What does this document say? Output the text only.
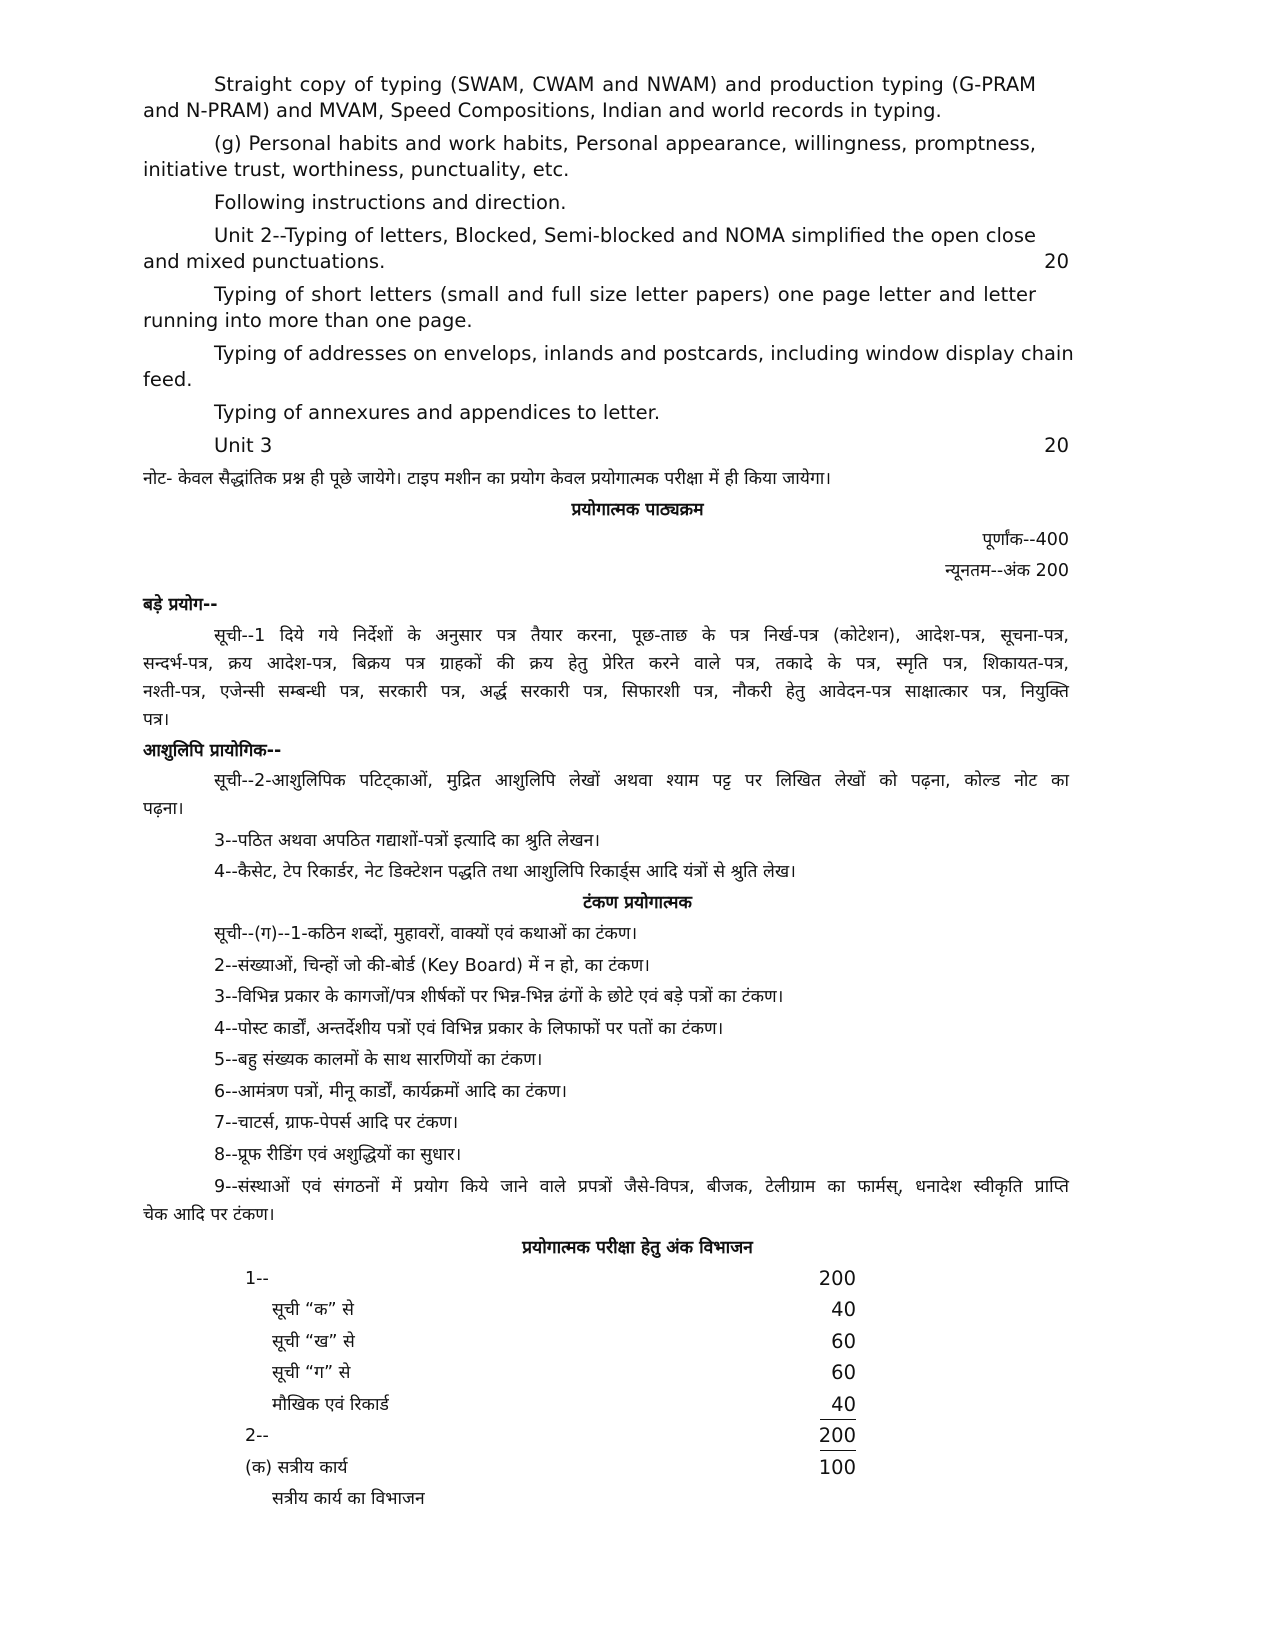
Straight copy of typing (SWAM, CWAM and NWAM) and production typing (G-PRAM

and N-PRAM) and MVAM, Speed Compositions, Indian and world records in typing.

(g) Personal habits and work habits, Personal appearance, willingness, promptness,

initiative trust, worthiness, punctuality, etc.

Following instructions and direction.

Unit 2--Typing of letters, Blocked, Semi-blocked and NOMA simplified the open close

and mixed punctuations.	20

Typing of short letters (small and full size letter papers) one page letter and letter

running into more than one page.

Typing of addresses on envelops, inlands and postcards, including window display chain

feed.

Typing of annexures and appendices to letter.

Unit 3	20

नोट- केवल सैद्धांतिक प्रश्न ही पूछे जायेगे। टाइप मशीन का प्रयोग केवल प्रयोगात्मक परीक्षा में ही किया जायेगा।

प्रयोगात्मक पाठ्यक्रम

पूर्णांक--400

न्यूनतम--अंक 200

बड़े प्रयोग--

सूची--1 दिये गये निर्देशों के अनुसार पत्र तैयार करना, पूछ-ताछ के पत्र निर्ख-पत्र (कोटेशन), आदेश-पत्र, सूचना-पत्र,

सन्दर्भ-पत्र, क्रय आदेश-पत्र, बिक्रय पत्र ग्राहकों की क्रय हेतु प्रेरित करने वाले पत्र, तकादे के पत्र, स्मृति पत्र, शिकायत-पत्र,

नश्ती-पत्र, एजेन्सी सम्बन्धी पत्र, सरकारी पत्र, अर्द्ध सरकारी पत्र, सिफारशी पत्र, नौकरी हेतु आवेदन-पत्र साक्षात्कार पत्र, नियुक्ति

पत्र।

आशुलिपि प्रायोगिक--

सूची--2-आशुलिपिक पटिट्काओं, मुद्रित आशुलिपि लेखों अथवा श्याम पट्ट पर लिखित लेखों को पढ़ना, कोल्ड नोट का

पढ़ना।

3--पठित अथवा अपठित गद्याशों-पत्रों इत्यादि का श्रुति लेखन।

4--कैसेट, टेप रिकार्डर, नेट डिक्टेशन पद्धति तथा आशुलिपि रिकार्ड्स आदि यंत्रों से श्रुति लेख।

टंकण प्रयोगात्मक

सूची--(ग)--1-कठिन शब्दों, मुहावरों, वाक्यों एवं कथाओं का टंकण।

2--संख्याओं, चिन्हों जो की-बोर्ड (Key Board) में न हो, का टंकण।

3--विभिन्न प्रकार के कागजों/पत्र शीर्षकों पर भिन्न-भिन्न ढंगों के छोटे एवं बड़े पत्रों का टंकण।

4--पोस्ट कार्डों, अन्तर्देशीय पत्रों एवं विभिन्न प्रकार के लिफाफों पर पतों का टंकण।

5--बहु संख्यक कालमों के साथ सारणियों का टंकण।

6--आमंत्रण पत्रों, मीनू कार्डों, कार्यक्रमों आदि का टंकण।

7--चाटर्स, ग्राफ-पेपर्स आदि पर टंकण।

8--प्रूफ रीडिंग एवं अशुद्धियों का सुधार।

9--संस्थाओं एवं संगठनों में प्रयोग किये जाने वाले प्रपत्रों जैसे-विपत्र, बीजक, टेलीग्राम का फार्मस्, धनादेश स्वीकृति प्राप्ति

चेक आदि पर टंकण।

प्रयोगात्मक परीक्षा हेतु अंक विभाजन

1--	200

सूची “क” से	40

सूची “ख” से	60

सूची “ग” से	60

मौखिक एवं रिकार्ड	40

2--	200

(क) सत्रीय कार्य	100

सत्रीय कार्य का विभाजन
